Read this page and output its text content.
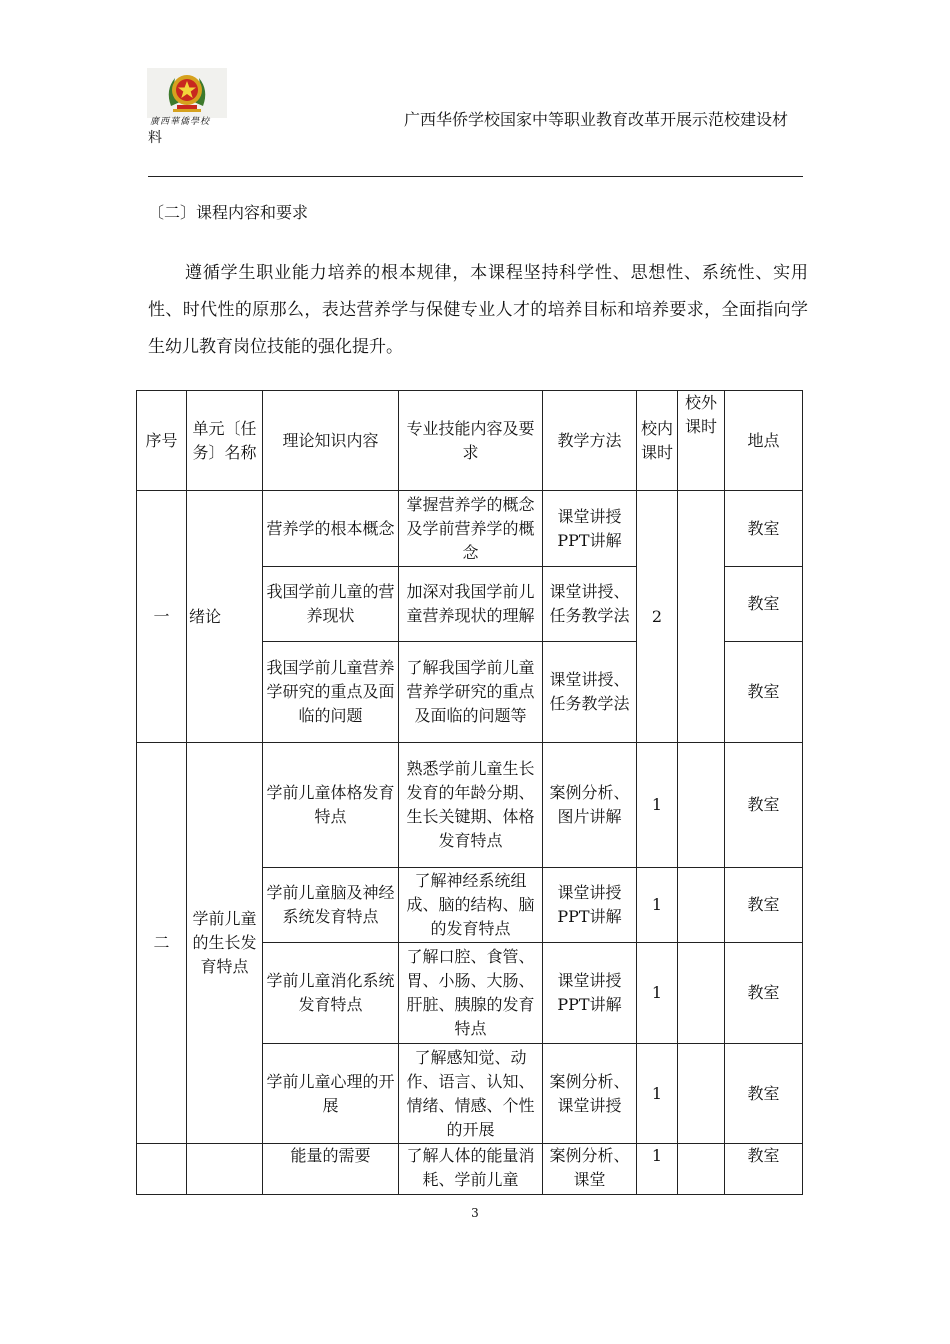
廣西華僑學校
料
广西华侨学校国家中等职业教育改革开展示范校建设材
〔二〕课程内容和要求

遵循学生职业能力培养的根本规律，本课程坚持科学性、思想性、系统性、实用性、时代性的原那么，表达营养学与保健专业人才的培养目标和培养要求，全面指向学生幼儿教育岗位技能的强化提升。

序号	单元〔任务〕名称	理论知识内容	专业技能内容及要求	教学方法	校内课时	校外课时	地点
一	绪论	营养学的根本概念	掌握营养学的概念及学前营养学的概念	课堂讲授PPT讲解	2		教室
		我国学前儿童的营养现状	加深对我国学前儿童营养现状的理解	课堂讲授、任务教学法			教室
		我国学前儿童营养学研究的重点及面临的问题	了解我国学前儿童营养学研究的重点及面临的问题等	课堂讲授、任务教学法			教室
二	学前儿童的生长发育特点	学前儿童体格发育特点	熟悉学前儿童生长发育的年龄分期、生长关键期、体格发育特点	案例分析、图片讲解	1		教室
		学前儿童脑及神经系统发育特点	了解神经系统组成、脑的结构、脑的发育特点	课堂讲授PPT讲解	1		教室
		学前儿童消化系统发育特点	了解口腔、食管、胃、小肠、大肠、肝脏、胰腺的发育特点	课堂讲授PPT讲解	1		教室
		学前儿童心理的开展	了解感知觉、动作、语言、认知、情绪、情感、个性的开展	案例分析、课堂讲授	1		教室
		能量的需要	了解人体的能量消耗、学前儿童	案例分析、课堂	1		教室
3
